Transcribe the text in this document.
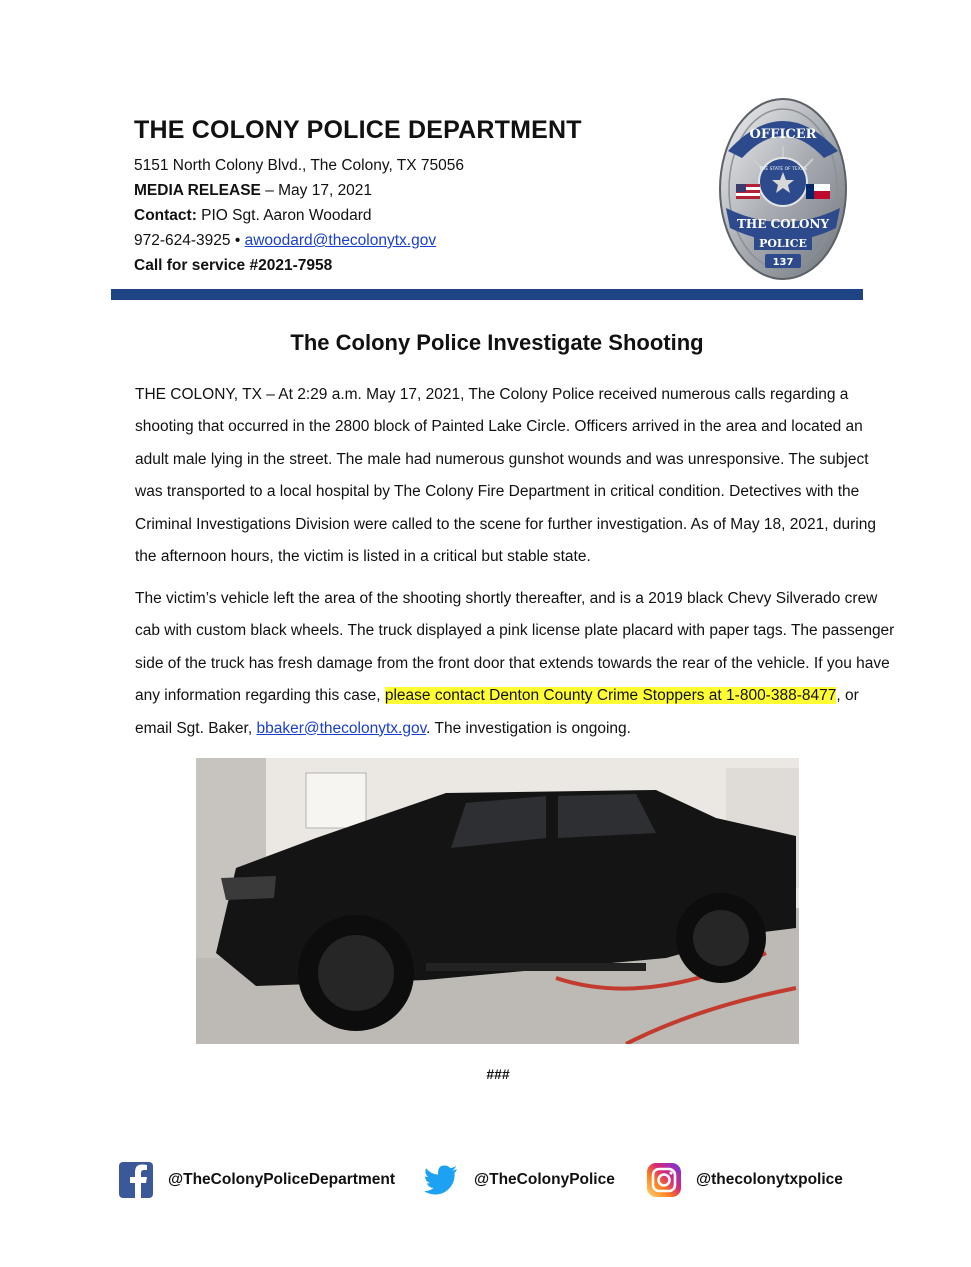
THE COLONY POLICE DEPARTMENT
5151 North Colony Blvd., The Colony, TX 75056
MEDIA RELEASE – May 17, 2021
Contact: PIO Sgt. Aaron Woodard
972-624-3925 • awoodard@thecolonytx.gov
Call for service #2021-7958
OFFICER
THE STATE OF TEXAS
THE COLONY
POLICE
137
The Colony Police Investigate Shooting

THE COLONY, TX – At 2:29 a.m. May 17, 2021, The Colony Police received numerous calls regarding a shooting that occurred in the 2800 block of Painted Lake Circle. Officers arrived in the area and located an adult male lying in the street. The male had numerous gunshot wounds and was unresponsive. The subject was transported to a local hospital by The Colony Fire Department in critical condition. Detectives with the Criminal Investigations Division were called to the scene for further investigation. As of May 18, 2021, during the afternoon hours, the victim is listed in a critical but stable state.

The victim’s vehicle left the area of the shooting shortly thereafter, and is a 2019 black Chevy Silverado crew cab with custom black wheels. The truck displayed a pink license plate placard with paper tags. The passenger side of the truck has fresh damage from the front door that extends towards the rear of the vehicle. If you have any information regarding this case, please contact Denton County Crime Stoppers at 1-800-388-8477, or email Sgt. Baker, bbaker@thecolonytx.gov. The investigation is ongoing.

###
@TheColonyPoliceDepartment	@TheColonyPolice	@thecolonytxpolice
